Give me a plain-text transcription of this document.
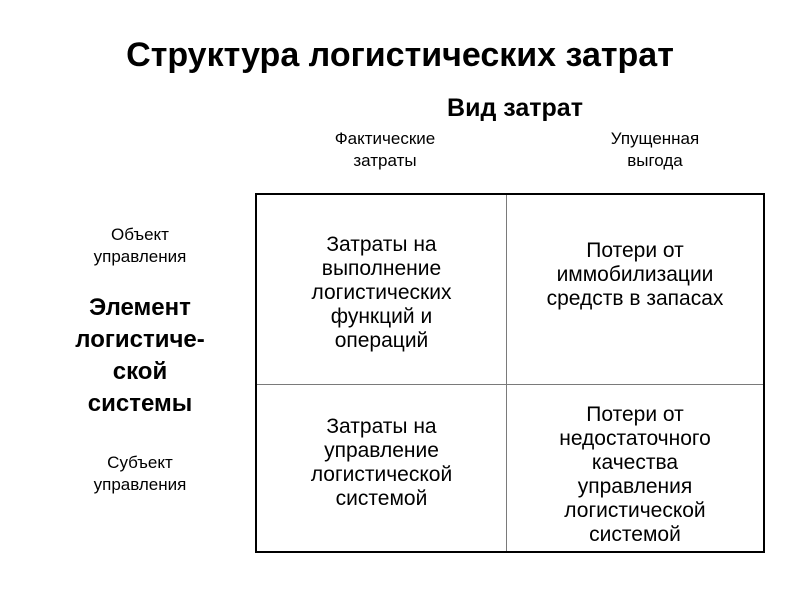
Структура логистических затрат
Вид затрат
Фактические
затраты
Упущенная
выгода
Объект
управления
Элемент
логистиче-
ской
системы
Субъект
управления
Затраты на
выполнение
логистических
функций и
операций
Потери от
иммобилизации
средств в запасах
Затраты на
управление
логистической
системой
Потери от
недостаточного
качества
управления
логистической
системой
